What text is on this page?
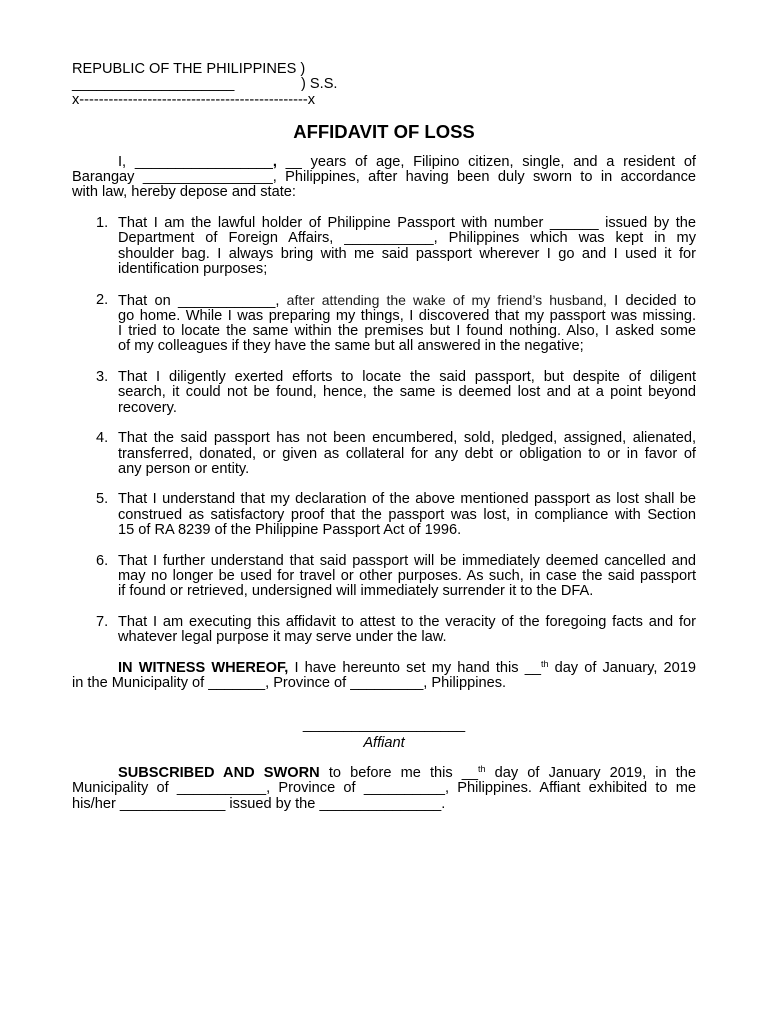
REPUBLIC OF THE PHILIPPINES )
____________________	) S.S.
x-----------------------------------------------x
AFFIDAVIT OF LOSS
I, _________________, __ years of age, Filipino citizen, single, and a resident of
Barangay ________________, Philippines, after having been duly sworn to in accordance
with law, hereby depose and state:
1. That I am the lawful holder of Philippine Passport with number ______ issued by the
Department of Foreign Affairs, ___________, Philippines which was kept in my
shoulder bag. I always bring with me said passport wherever I go and I used it for
identification purposes;
2. That on ____________, after attending the wake of my friend’s husband, I decided to
go home. While I was preparing my things, I discovered that my passport was missing.
I tried to locate the same within the premises but I found nothing. Also, I asked some
of my colleagues if they have the same but all answered in the negative;
3. That I diligently exerted efforts to locate the said passport, but despite of diligent
search, it could not be found, hence, the same is deemed lost and at a point beyond
recovery.
4. That the said passport has not been encumbered, sold, pledged, assigned, alienated,
transferred, donated, or given as collateral for any debt or obligation to or in favor of
any person or entity.
5. That I understand that my declaration of the above mentioned passport as lost shall be
construed as satisfactory proof that the passport was lost, in compliance with Section
15 of RA 8239 of the Philippine Passport Act of 1996.
6. That I further understand that said passport will be immediately deemed cancelled and
may no longer be used for travel or other purposes. As such, in case the said passport
if found or retrieved, undersigned will immediately surrender it to the DFA.
7. That I am executing this affidavit to attest to the veracity of the foregoing facts and for
whatever legal purpose it may serve under the law.
IN WITNESS WHEREOF, I have hereunto set my hand this __$^{th}$ day of January, 2019
in the Municipality of _______, Province of _________, Philippines.
____________________
Affiant
SUBSCRIBED AND SWORN to before me this __$^{th}$ day of January 2019, in the
Municipality of ___________, Province of __________, Philippines. Affiant exhibited to me
his/her _____________ issued by the _______________.
